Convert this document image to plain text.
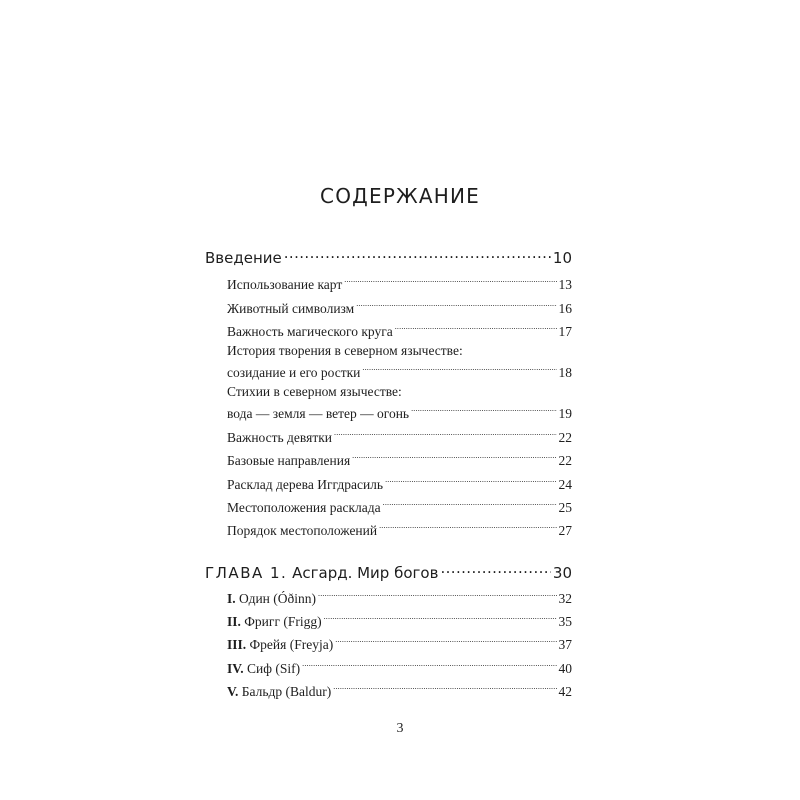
СОДЕРЖАНИЕ
Введение .....	10
Использование карт .....	13
Животный символизм .....	16
Важность магического круга .....	17
История творения в северном язычестве:
созидание и его ростки .....	18
Стихии в северном язычестве:
вода — земля — ветер — огонь .....	19
Важность девятки .....	22
Базовые направления .....	22
Расклад дерева Иггдрасиль .....	24
Местоположения расклада .....	25
Порядок местоположений .....	27
ГЛАВА 1. Асгард. Мир богов .....	30
I. Один (Óðinn) .....	32
II. Фригг (Frigg) .....	35
III. Фрейя (Freyja) .....	37
IV. Сиф (Sif) .....	40
V. Бальдр (Baldur) .....	42
3
